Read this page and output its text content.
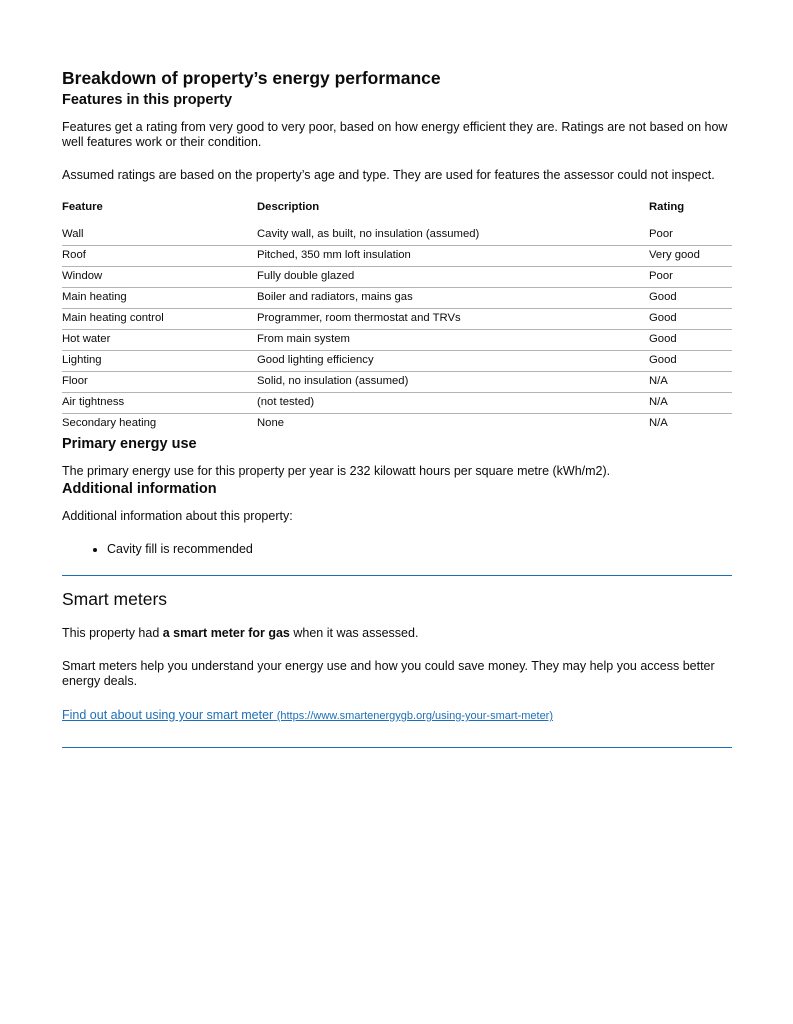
Breakdown of property’s energy performance
Features in this property

Features get a rating from very good to very poor, based on how energy efficient they are. Ratings are not based on how well features work or their condition.

Assumed ratings are based on the property’s age and type. They are used for features the assessor could not inspect.

Feature	Description	Rating
Wall	Cavity wall, as built, no insulation (assumed)	Poor
Roof	Pitched, 350 mm loft insulation	Very good
Window	Fully double glazed	Poor
Main heating	Boiler and radiators, mains gas	Good
Main heating control	Programmer, room thermostat and TRVs	Good
Hot water	From main system	Good
Lighting	Good lighting efficiency	Good
Floor	Solid, no insulation (assumed)	N/A
Air tightness	(not tested)	N/A
Secondary heating	None	N/A
Primary energy use

The primary energy use for this property per year is 232 kilowatt hours per square metre (kWh/m2).

Additional information

Additional information about this property:

• Cavity fill is recommended
Smart meters

This property had a smart meter for gas when it was assessed.

Smart meters help you understand your energy use and how you could save money. They may help you access better energy deals.

Find out about using your smart meter (https://www.smartenergygb.org/using-your-smart-meter)
